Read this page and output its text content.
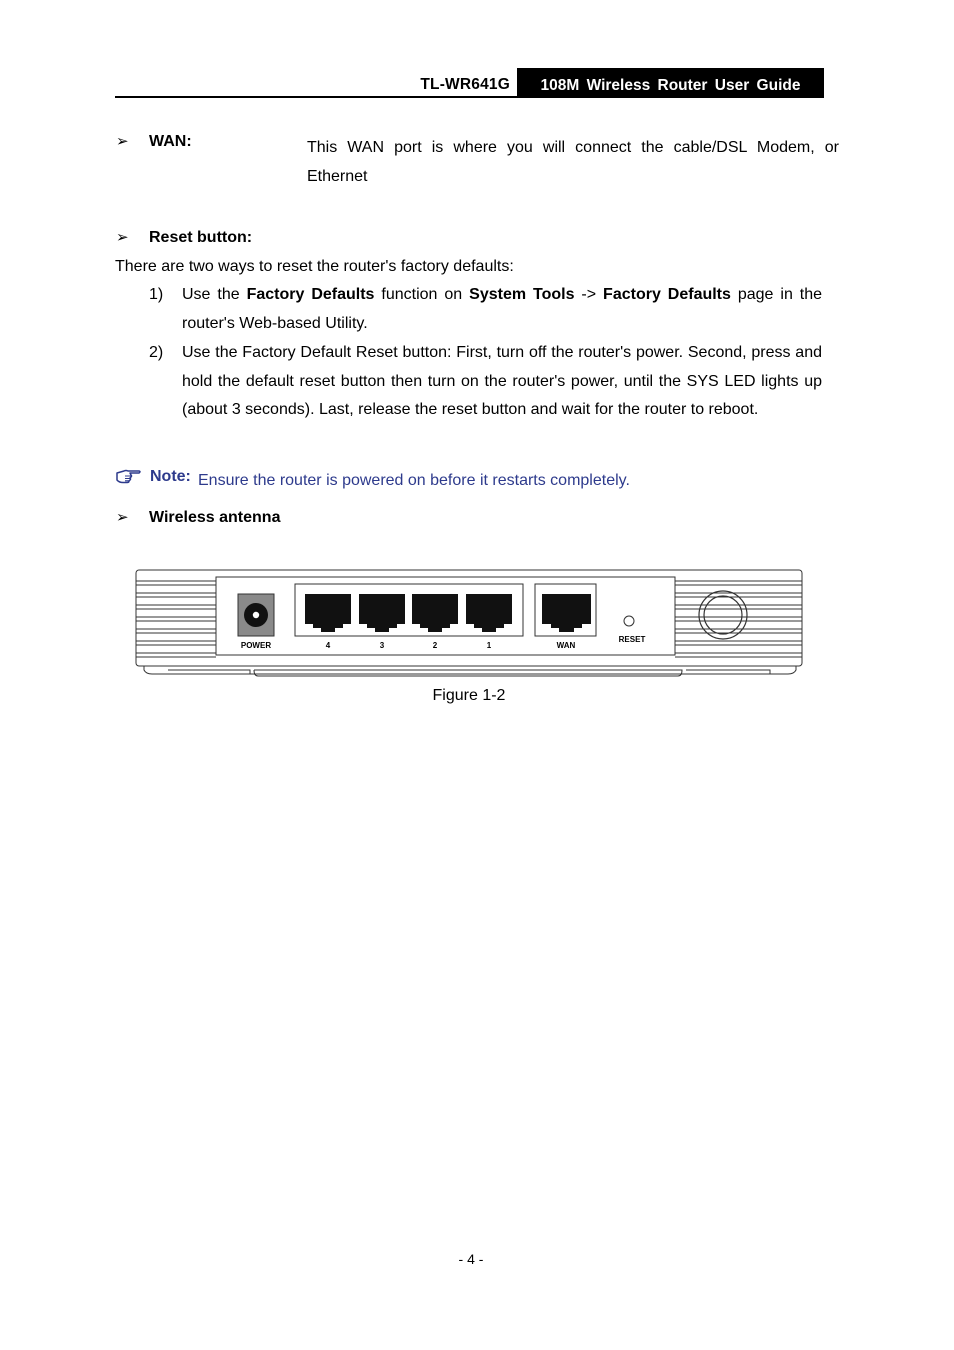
TL-WR641G	108M Wireless Router User Guide
➢ WAN:	This WAN port is where you will connect the cable/DSL Modem, or Ethernet
➢ Reset button:
There are two ways to reset the router's factory defaults:
1) Use the Factory Defaults function on System Tools -> Factory Defaults page in the router's Web-based Utility.
2) Use the Factory Default Reset button: First, turn off the router's power. Second, press and hold the default reset button then turn on the router's power, until the SYS LED lights up (about 3 seconds). Last, release the reset button and wait for the router to reboot.
Note: Ensure the router is powered on before it restarts completely.
➢ Wireless antenna
POWER	4	3	2	1	WAN
RESET
Figure 1-2
- 4 -
